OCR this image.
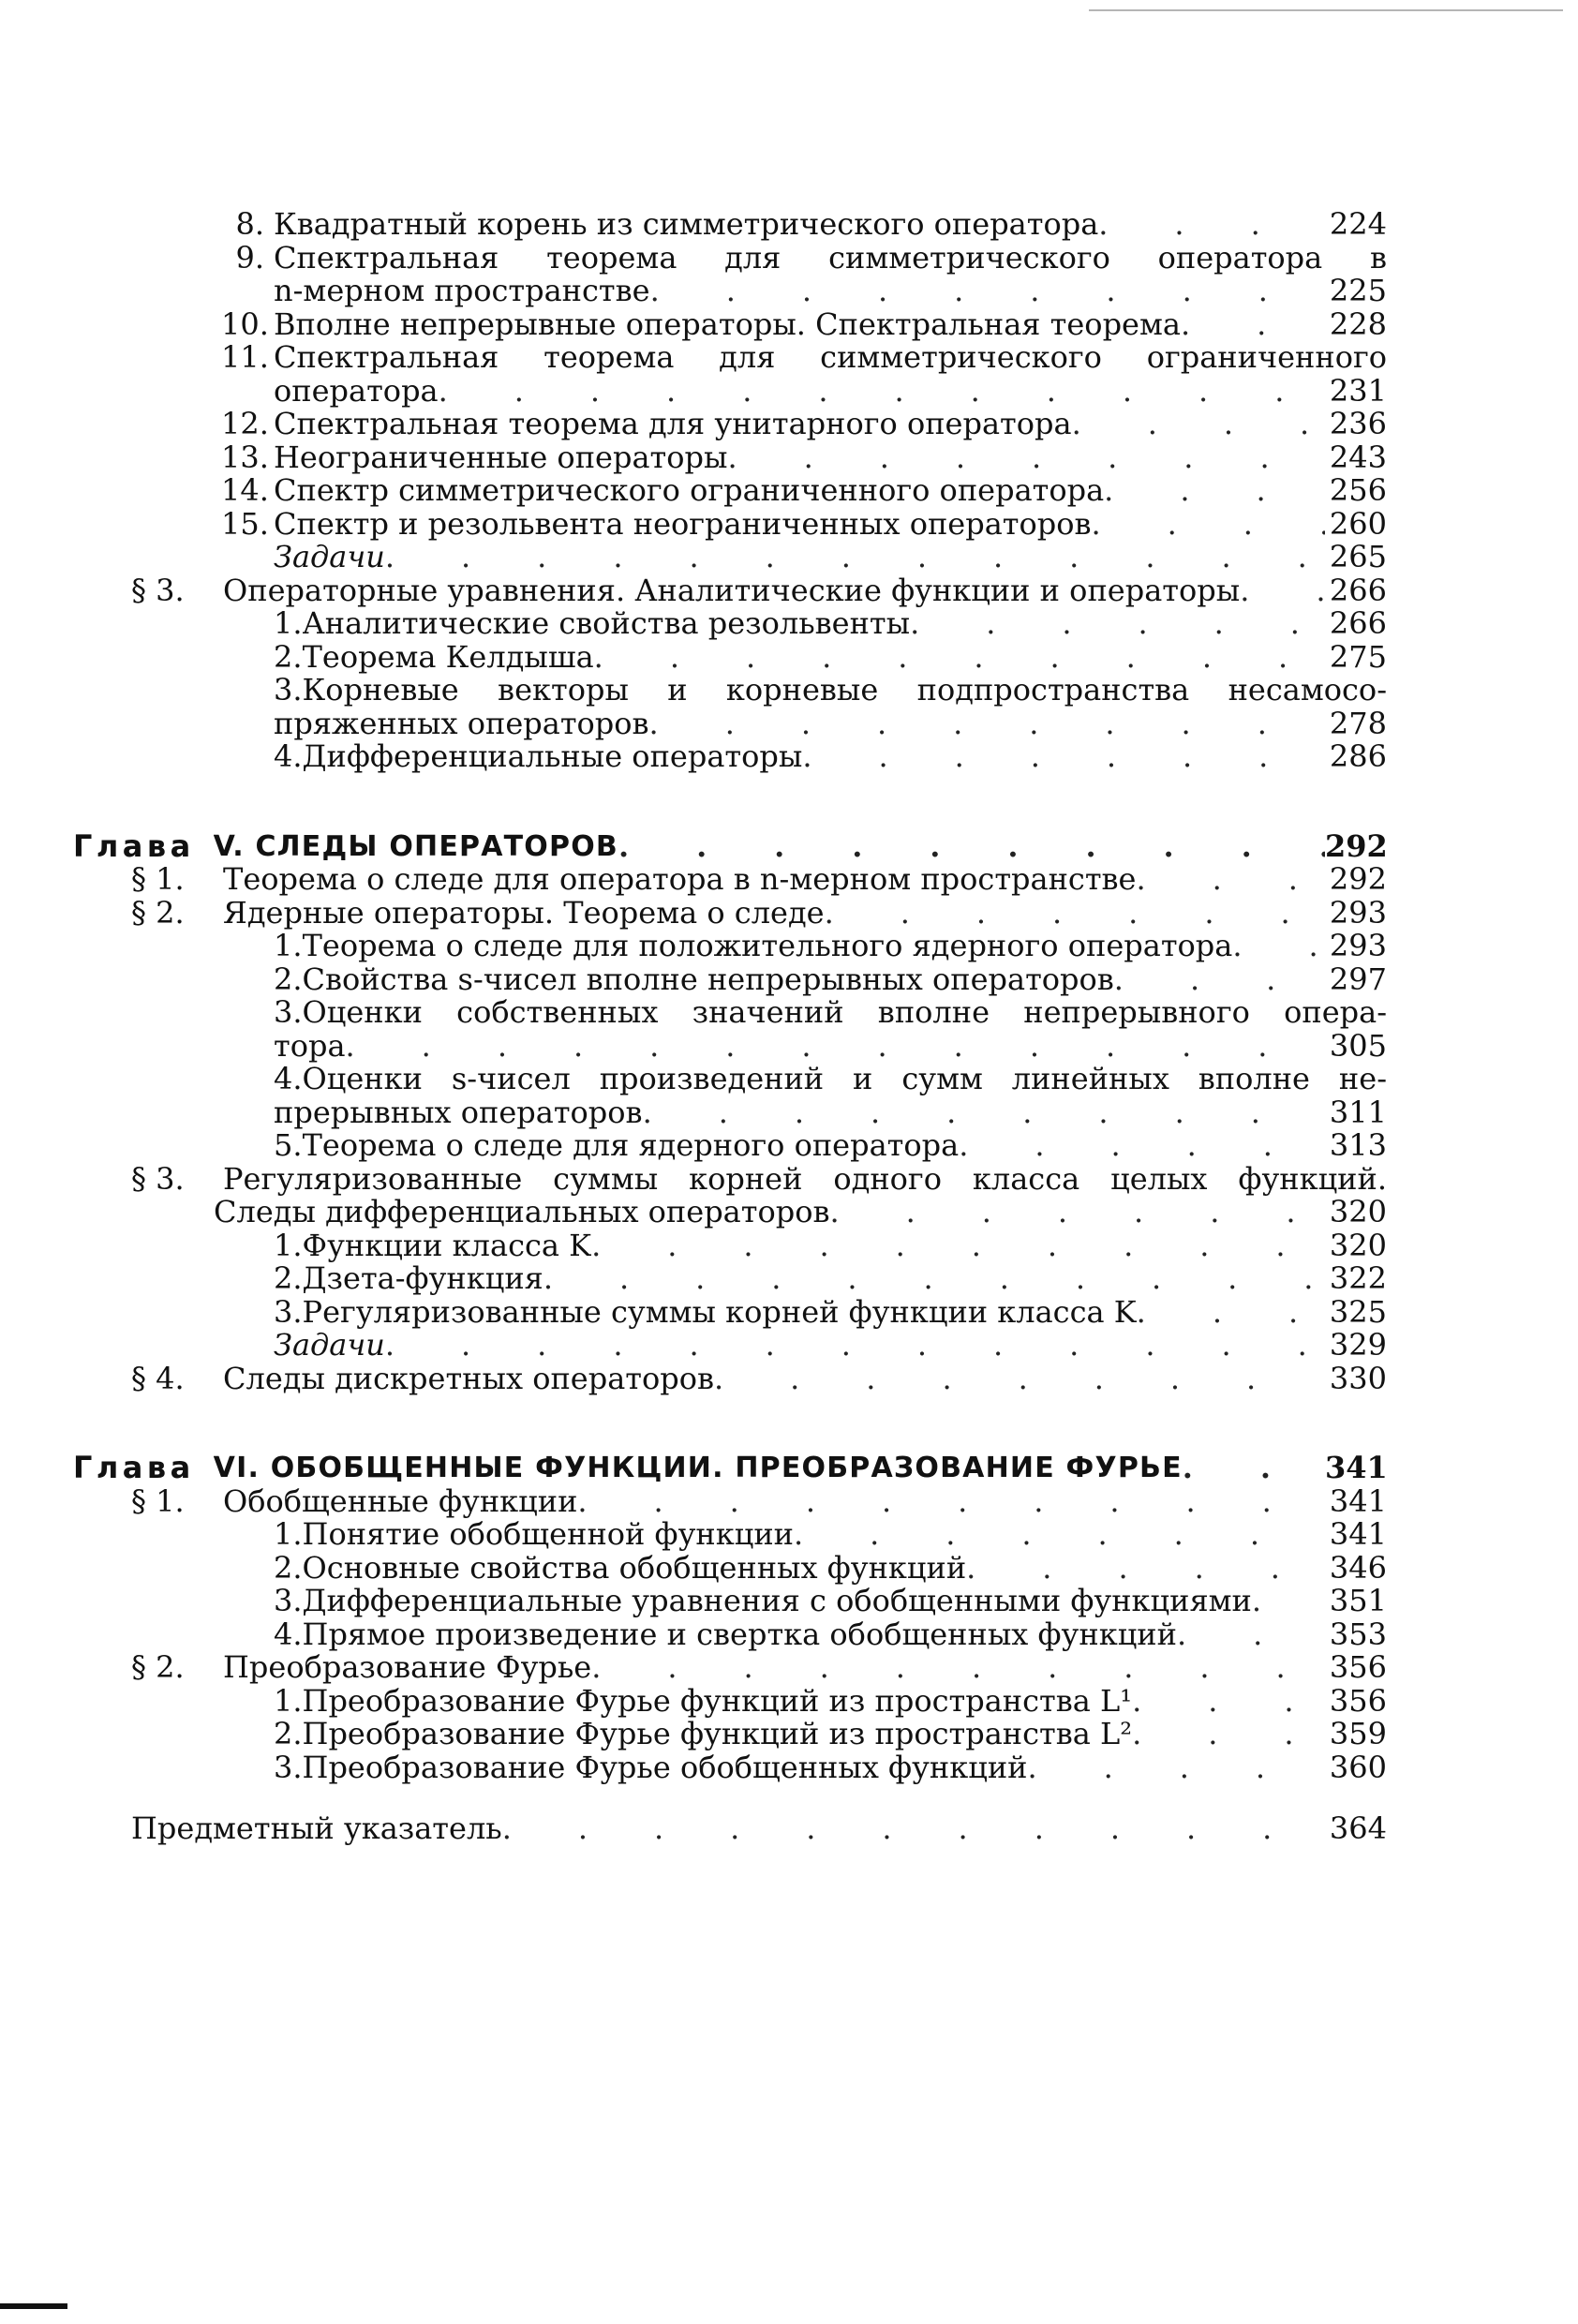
8. Квадратный корень из симметрического оператора . . .	224
9. Спектральная теорема для симметрического оператора в
n-мерном пространстве . . .	225
10. Вполне непрерывные операторы. Спектральная теорема . . .	228
11. Спектральная теорема для симметрического ограниченного
оператора . . .	231
12. Спектральная теорема для унитарного оператора . . .	236
13. Неограниченные операторы . . .	243
14. Спектр симметрического ограниченного оператора . . .	256
15. Спектр и резольвента неограниченных операторов . . .	260
Задачи . . .	265
§ 3.	Операторные уравнения. Аналитические функции и операторы . . .	266
1. Аналитические свойства резольвенты . . .	266
2. Теорема Келдыша . . .	275
3. Корневые векторы и корневые подпространства несамосо-
пряженных операторов . . .	278
4. Дифференциальные операторы . . .	286
Глава V. СЛЕДЫ ОПЕРАТОРОВ . . .	292
§ 1.	Теорема о следе для оператора в n-мерном пространстве . . .	292
§ 2.	Ядерные операторы. Теорема о следе . . .	293
1. Теорема о следе для положительного ядерного оператора . . .	293
2. Свойства s-чисел вполне непрерывных операторов . . .	297
3. Оценки собственных значений вполне непрерывного опера-
тора . . .	305
4. Оценки s-чисел произведений и сумм линейных вполне не-
прерывных операторов . . .	311
5. Теорема о следе для ядерного оператора . . .	313
§ 3.	Регуляризованные суммы корней одного класса целых функций.
Следы дифференциальных операторов . . .	320
1. Функции класса K . . .	320
2. Дзета-функция . . .	322
3. Регуляризованные суммы корней функции класса K . . .	325
Задачи . . .	329
§ 4.	Следы дискретных операторов . . .	330
Глава VI. ОБОБЩЕННЫЕ ФУНКЦИИ. ПРЕОБРАЗОВАНИЕ ФУРЬЕ . . .	341
§ 1.	Обобщенные функции . . .	341
1. Понятие обобщенной функции . . .	341
2. Основные свойства обобщенных функций . . .	346
3. Дифференциальные уравнения с обобщенными функциями . . .	351
4. Прямое произведение и свертка обобщенных функций . . .	353
§ 2.	Преобразование Фурье . . .	356
1. Преобразование Фурье функций из пространства L¹ . . .	356
2. Преобразование Фурье функций из пространства L² . . .	359
3. Преобразование Фурье обобщенных функций . . .	360
Предметный указатель . . .	364
